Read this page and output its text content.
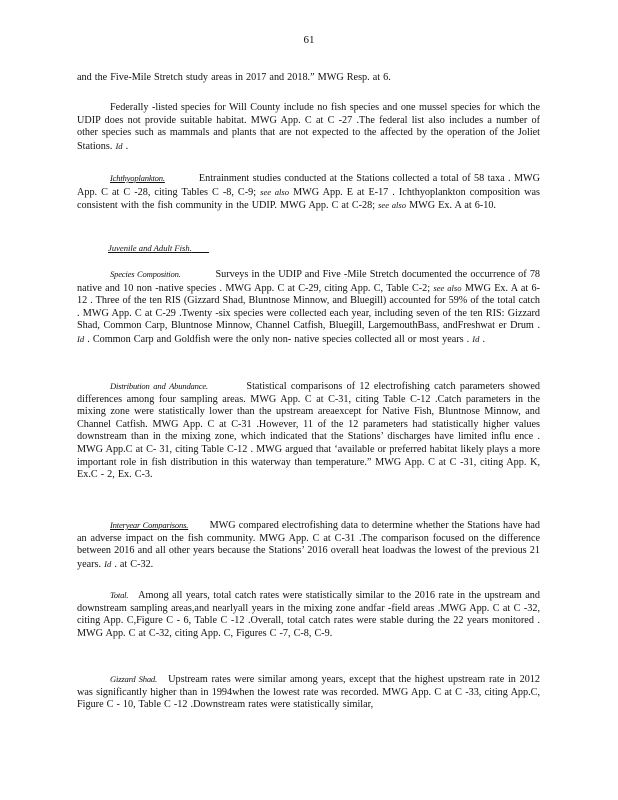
61
and the Five-Mile Stretch study areas in 2017 and 2018.” MWG Resp. at 6.
Federally -listed species for Will County include no fish species and one mussel species for which the UDIP does not provide suitable habitat. MWG App. C at C -27 .The federal list also includes a number of other species such as mammals and plants that are not expected to the affected by the operation of the Joliet Stations. Id .
Ichthyoplankton.	Entrainment studies conducted at the Stations collected a total of 58 taxa . MWG App. C at C -28, citing Tables C -8, C-9; see also MWG App. E at E-17 . Ichthyoplankton composition was consistent with the fish community in the UDIP. MWG App. C at C-28; see also MWG Ex. A at 6-10.
Juvenile and Adult Fish.
Species Composition.	Surveys in the UDIP and Five -Mile Stretch documented the occurrence of 78 native and 10 non -native species . MWG App. C at C-29, citing App. C, Table C-2; see also MWG Ex. A at 6-12 . Three of the ten RIS (Gizzard Shad, Bluntnose Minnow, and Bluegill) accounted for 59% of the total catch . MWG App. C at C-29 .Twenty -six species were collected each year, including seven of the ten RIS: Gizzard Shad, Common Carp, Bluntnose Minnow, Channel Catfish, Bluegill, LargemouthBass, andFreshwat er Drum . Id . Common Carp and Goldfish were the only non- native species collected all or most years . Id .
Distribution and Abundance.	Statistical comparisons of 12 electrofishing catch parameters showed differences among four sampling areas. MWG App. C at C-31, citing Table C-12 .Catch parameters in the mixing zone were statistically lower than the upstream areaexcept for Native Fish, Bluntnose Minnow, and Channel Catfish. MWG App. C at C-31 .However, 11 of the 12 parameters had statistically higher values downstream than in the mixing zone, which indicated that the Stations’ discharges have limited influ ence . MWG App.C at C- 31, citing Table C-12 . MWG argued that ‘available or preferred habitat likely plays a more important role in fish distribution in this waterway than temperature.” MWG App. C at C -31, citing App. K, Ex.C - 2, Ex. C-3.
Interyear Comparisons. MWG compared electrofishing data to determine whether the Stations have had an adverse impact on the fish community. MWG App. C at C-31 .The comparison focused on the difference between 2016 and all other years because the Stations’ 2016 overall heat loadwas the lowest of the previous 21 years. Id . at C-32.
Total. Among all years, total catch rates were statistically similar to the 2016 rate in the upstream and downstream sampling areas,and nearlyall years in the mixing zone andfar -field areas .MWG App. C at C -32, citing App. C,Figure C - 6, Table C -12 .Overall, total catch rates were stable during the 22 years monitored . MWG App. C at C-32, citing App. C, Figures C -7, C-8, C-9.
Gizzard Shad. Upstream rates were similar among years, except that the highest upstream rate in 2012 was significantly higher than in 1994when the lowest rate was recorded. MWG App. C at C -33, citing App.C, Figure C - 10, Table C -12 .Downstream rates were statistically similar,
